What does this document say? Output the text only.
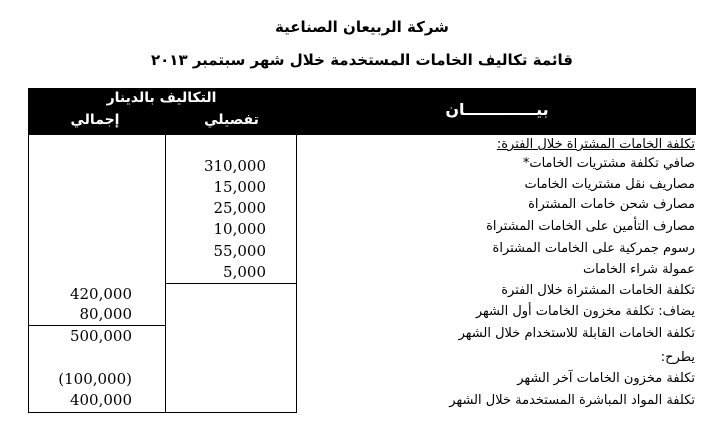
شركة الربيعان الصناعية
قائمة تكاليف الخامات المستخدمة خلال شهر سبتمبر ٢٠١٣
التكاليف بالدينار
إجمالي	تفصيلي
بيـــــــــــــان
تكلفة الخامات المشتراة خلال الفترة:
صافي تكلفة مشتريات الخامات*
مصاريف نقل مشتريات الخامات
مصارف شحن خامات المشتراة
مصارف التأمين على الخامات المشتراة
رسوم جمركية على الخامات المشتراة
عمولة شراء الخامات
تكلفة الخامات المشتراة خلال الفترة
يضاف: تكلفة مخزون الخامات أول الشهر
تكلفة الخامات القابلة للاستخدام خلال الشهر
يطرح:
تكلفة مخزون الخامات آخر الشهر
تكلفة المواد المباشرة المستخدمة خلال الشهر
310,000
15,000
25,000
10,000
55,000
5,000
420,000
80,000
500,000
(100,000)
400,000
